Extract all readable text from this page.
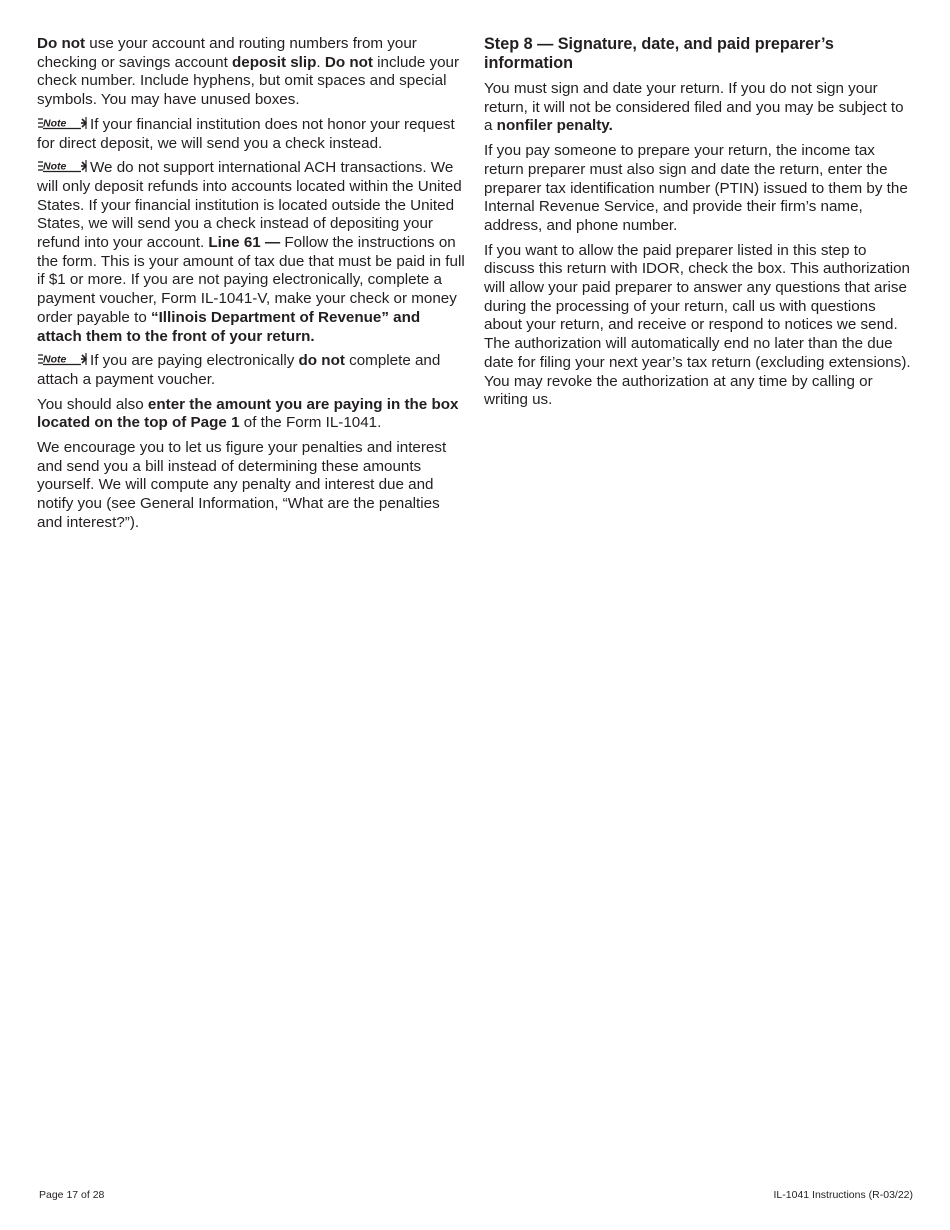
Do not use your account and routing numbers from your checking or savings account deposit slip. Do not include your check number. Include hyphens, but omit spaces and special symbols. You may have unused boxes.

Note If your financial institution does not honor your request for direct deposit, we will send you a check instead.

Note We do not support international ACH transactions. We will only deposit refunds into accounts located within the United States. If your financial institution is located outside the United States, we will send you a check instead of depositing your refund into your account. Line 61 — Follow the instructions on the form. This is your amount of tax due that must be paid in full if $1 or more. If you are not paying electronically, complete a payment voucher, Form IL-1041-V, make your check or money order payable to “Illinois Department of Revenue” and attach them to the front of your return.

Note If you are paying electronically do not complete and attach a payment voucher.

You should also enter the amount you are paying in the box located on the top of Page 1 of the Form IL-1041.

We encourage you to let us figure your penalties and interest and send you a bill instead of determining these amounts yourself. We will compute any penalty and interest due and notify you (see General Information, “What are the penalties and interest?”).

Step 8 — Signature, date, and paid preparer’s information

You must sign and date your return. If you do not sign your return, it will not be considered filed and you may be subject to a nonfiler penalty.

If you pay someone to prepare your return, the income tax return preparer must also sign and date the return, enter the preparer tax identification number (PTIN) issued to them by the Internal Revenue Service, and provide their firm’s name, address, and phone number.

If you want to allow the paid preparer listed in this step to discuss this return with IDOR, check the box. This authorization will allow your paid preparer to answer any questions that arise during the processing of your return, call us with questions about your return, and receive or respond to notices we send. The authorization will automatically end no later than the due date for filing your next year’s tax return (excluding extensions). You may revoke the authorization at any time by calling or writing us.

Page 17 of 28	IL-1041 Instructions (R-03/22)
